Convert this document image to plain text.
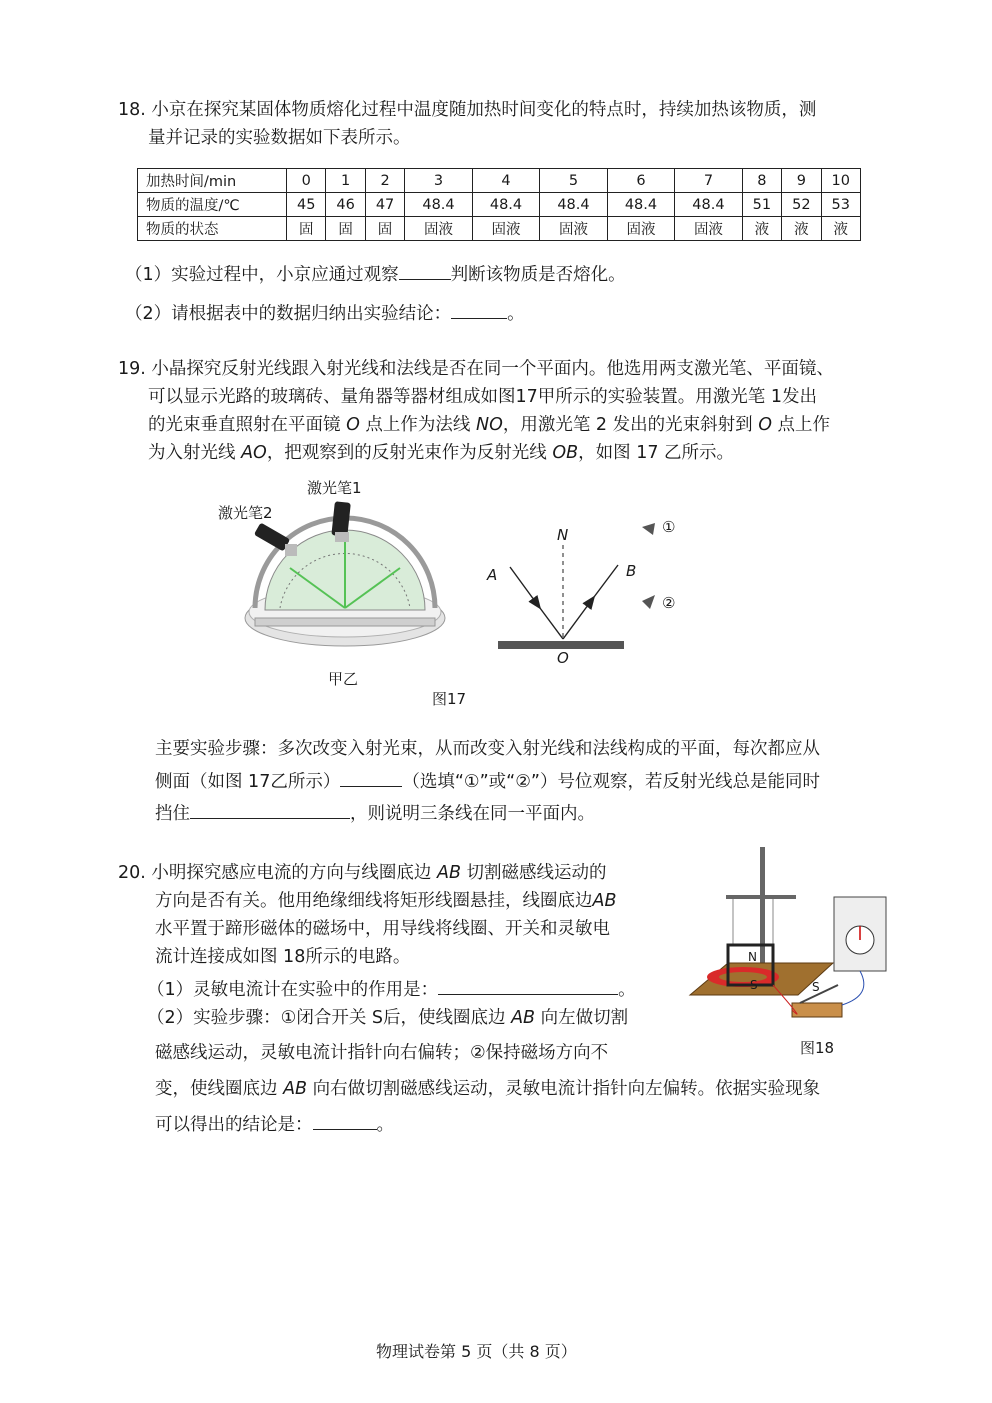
18. 小京在探究某固体物质熔化过程中温度随加热时间变化的特点时，持续加热该物质，测
量并记录的实验数据如下表所示。
加热时间/min	0	1	2	3	4	5	6	7	8	9	10
物质的温度/℃	45	46	47	48.4	48.4	48.4	48.4	48.4	51	52	53
物质的状态	固	固	固	固液	固液	固液	固液	固液	液	液	液
（1）实验过程中，小京应通过观察	判断该物质是否熔化。
（2）请根据表中的数据归纳出实验结论：	。
19. 小晶探究反射光线跟入射光线和法线是否在同一个平面内。他选用两支激光笔、平面镜、
可以显示光路的玻璃砖、量角器等器材组成如图17甲所示的实验装置。用激光笔 1发出
的光束垂直照射在平面镜 O 点上作为法线 NO，用激光笔 2 发出的光束斜射到 O 点上作
为入射光线 AO，把观察到的反射光束作为反射光线 OB，如图 17 乙所示。
激光笔1
激光笔2
甲乙
图17
N
A	B
O
①
②
主要实验步骤：多次改变入射光束，从而改变入射光线和法线构成的平面，每次都应从
侧面（如图 17乙所示）	（选填“①”或“②”）号位观察，若反射光线总是能同时
挡住	，则说明三条线在同一平面内。
20. 小明探究感应电流的方向与线圈底边 AB 切割磁感线运动的
方向是否有关。他用绝缘细线将矩形线圈悬挂，线圈底边AB
水平置于蹄形磁体的磁场中，用导线将线圈、开关和灵敏电
流计连接成如图 18所示的电路。
（1）灵敏电流计在实验中的作用是：	。
（2）实验步骤：①闭合开关 S后，使线圈底边 AB 向左做切割
磁感线运动，灵敏电流计指针向右偏转；②保持磁场方向不
变，使线圈底边 AB 向右做切割磁感线运动，灵敏电流计指针向左偏转。依据实验现象
可以得出的结论是：	。
N
S	S
图18
物理试卷第 5 页（共 8 页）
